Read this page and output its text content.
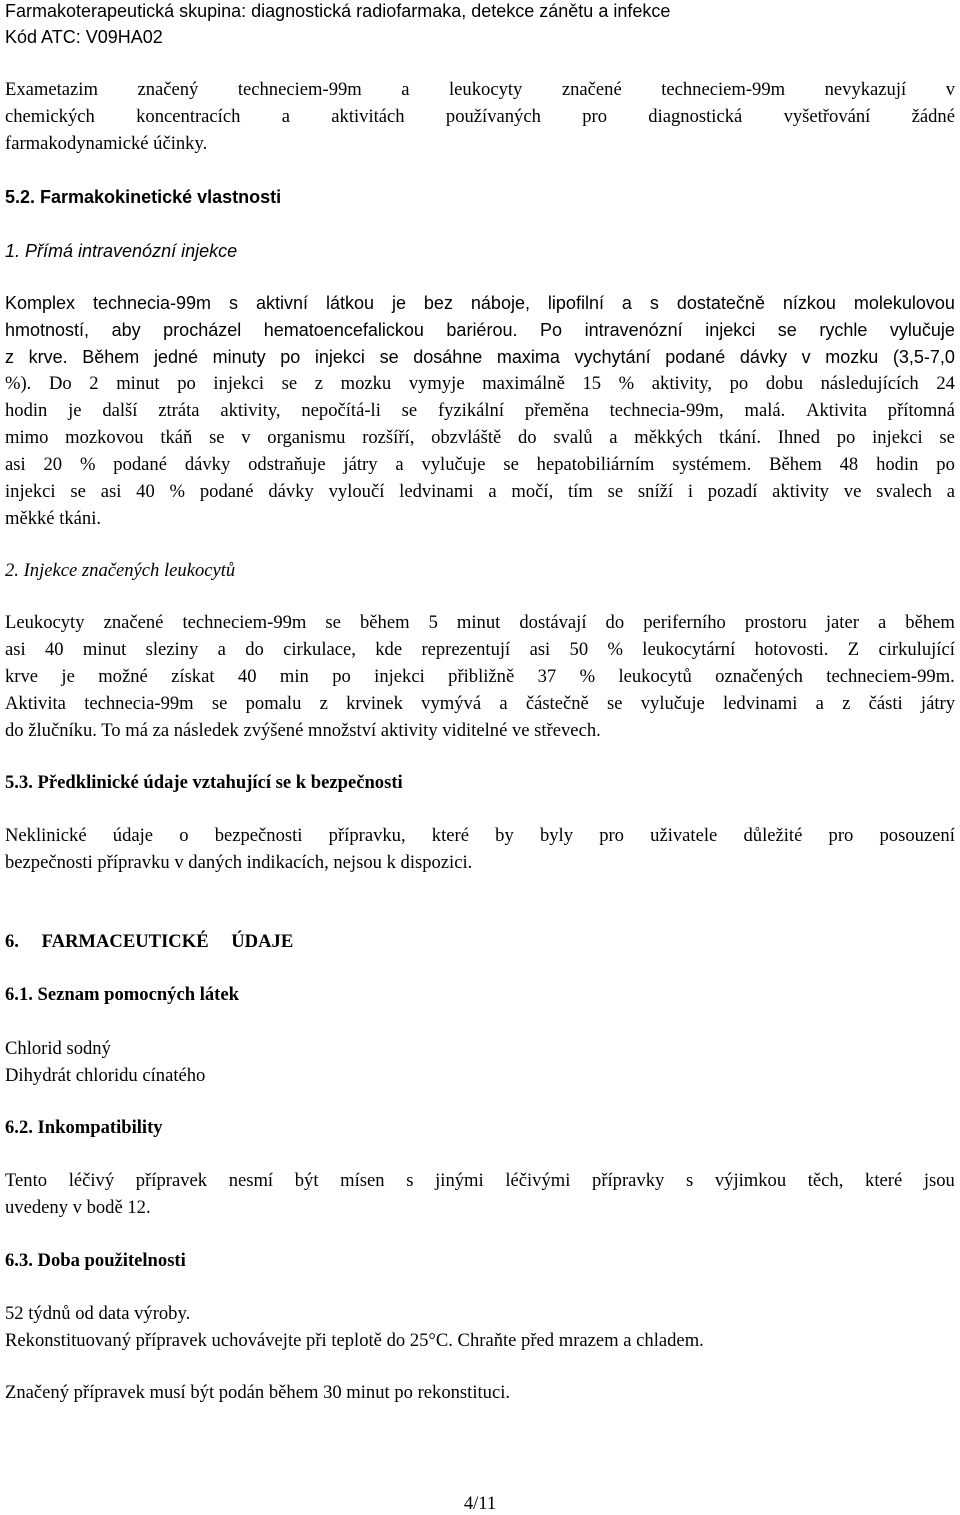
Farmakoterapeutická skupina: diagnostická radiofarmaka, detekce zánětu a infekce

Kód ATC: V09HA02

Exametazim značený techneciem-99m a leukocyty značené techneciem-99m nevykazují v

chemických koncentracích a aktivitách používaných pro diagnostická vyšetřování žádné

farmakodynamické účinky.

5.2. Farmakokinetické vlastnosti

1. Přímá intravenózní injekce

Komplex technecia-99m s aktivní látkou je bez náboje, lipofilní a s dostatečně nízkou molekulovou

hmotností, aby procházel hematoencefalickou bariérou. Po intravenózní injekci se rychle vylučuje

z krve. Během jedné minuty po injekci se dosáhne maxima vychytání podané dávky v mozku (3,5-7,0

%). Do 2 minut po injekci se z mozku vymyje maximálně 15 % aktivity, po dobu následujících 24

hodin je další ztráta aktivity, nepočítá-li se fyzikální přeměna technecia-99m, malá. Aktivita přítomná

mimo mozkovou tkáň se v organismu rozšíří, obzvláště do svalů a měkkých tkání. Ihned po injekci se

asi 20 % podané dávky odstraňuje játry a vylučuje se hepatobiliárním systémem. Během 48 hodin po

injekci se asi 40 % podané dávky vyloučí ledvinami a močí, tím se sníží i pozadí aktivity ve svalech a

měkké tkáni.

2. Injekce značených leukocytů

Leukocyty značené techneciem-99m se během 5 minut dostávají do periferního prostoru jater a během

asi 40 minut sleziny a do cirkulace, kde reprezentují asi 50 % leukocytární hotovosti. Z cirkulující

krve je možné získat 40 min po injekci přibližně 37 % leukocytů označených techneciem-99m.

Aktivita technecia-99m se pomalu z krvinek vymývá a částečně se vylučuje ledvinami a z části játry

do žlučníku. To má za následek zvýšené množství aktivity viditelné ve střevech.

5.3. Předklinické údaje vztahující se k bezpečnosti

Neklinické údaje o bezpečnosti přípravku, které by byly pro uživatele důležité pro posouzení

bezpečnosti přípravku v daných indikacích, nejsou k dispozici.

6. FARMACEUTICKÉ ÚDAJE

6.1. Seznam pomocných látek

Chlorid sodný

Dihydrát chloridu cínatého

6.2. Inkompatibility

Tento léčivý přípravek nesmí být mísen s jinými léčivými přípravky s výjimkou těch, které jsou

uvedeny v bodě 12.

6.3. Doba použitelnosti

52 týdnů od data výroby.

Rekonstituovaný přípravek uchovávejte při teplotě do 25°C. Chraňte před mrazem a chladem.

Značený přípravek musí být podán během 30 minut po rekonstituci.

4/11
